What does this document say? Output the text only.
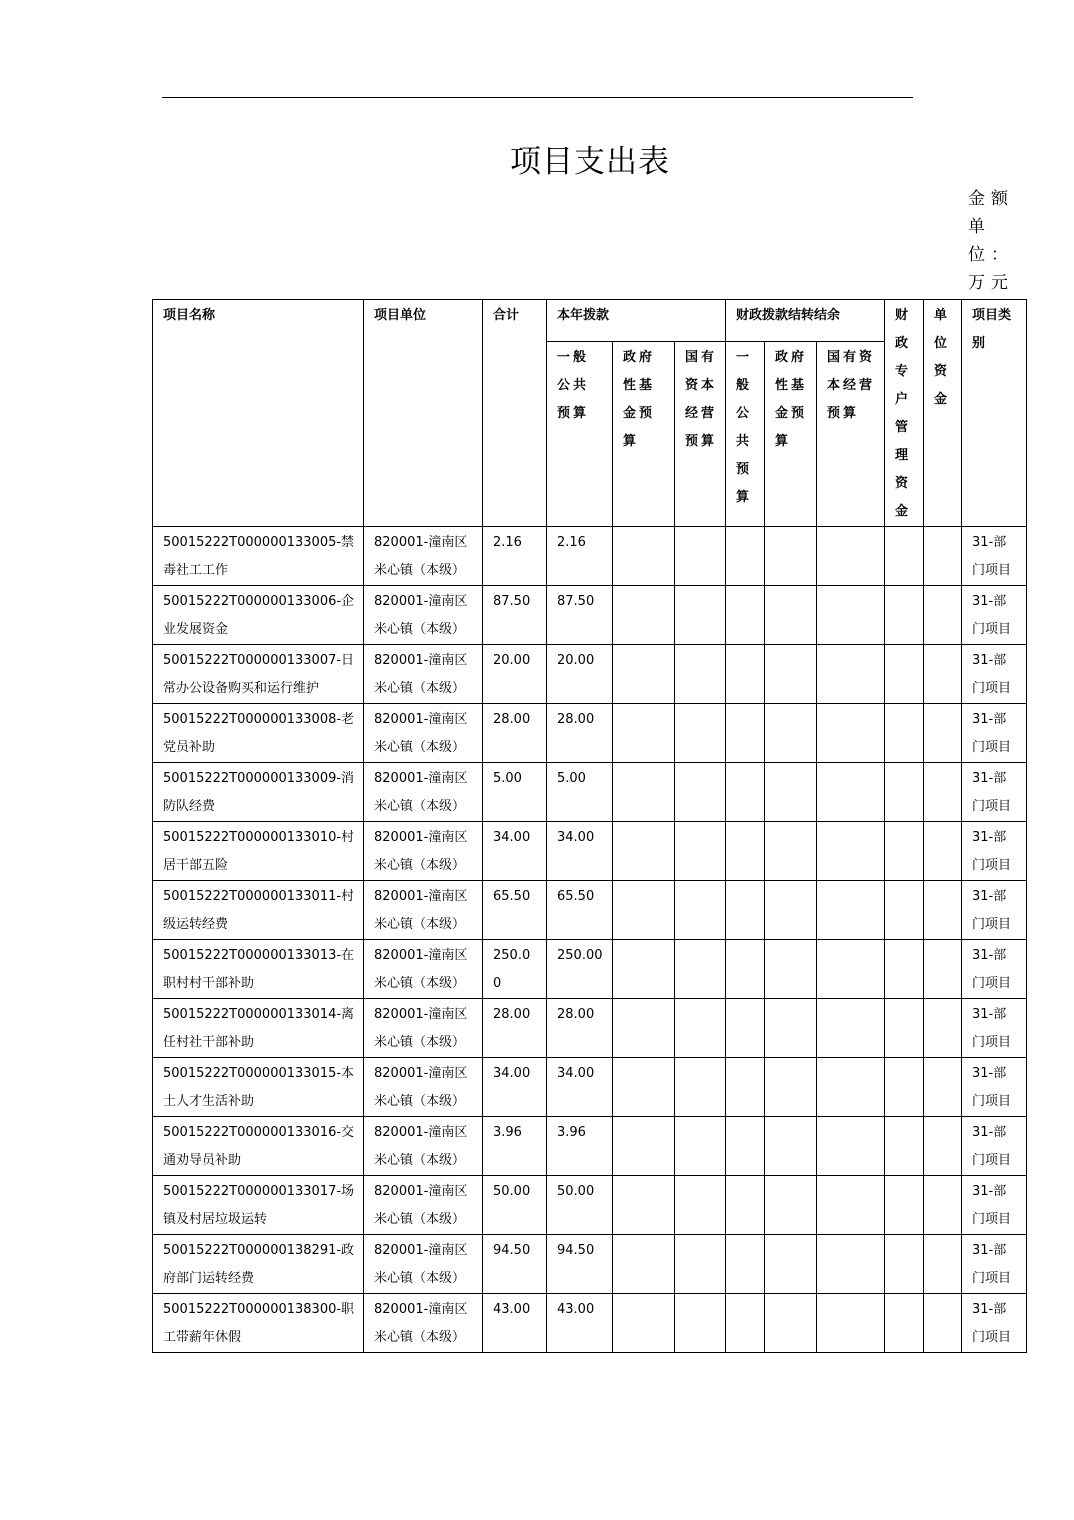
项目支出表
金额单位：万元
项目名称	项目单位	合计	本年拨款			财政拨款结转结余			财政专户管理资金	单位资金	项目类别
			一般公共预算	政府性基金预算	国有资本经营预算	一般公共预算	政府性基金预算	国有资本经营预算			
50015222T000000133005-禁毒社工工作	820001-潼南区米心镇（本级）	2.16	2.16								31-部门项目
50015222T000000133006-企业发展资金	820001-潼南区米心镇（本级）	87.50	87.50								31-部门项目
50015222T000000133007-日常办公设备购买和运行维护	820001-潼南区米心镇（本级）	20.00	20.00								31-部门项目
50015222T000000133008-老党员补助	820001-潼南区米心镇（本级）	28.00	28.00								31-部门项目
50015222T000000133009-消防队经费	820001-潼南区米心镇（本级）	5.00	5.00								31-部门项目
50015222T000000133010-村居干部五险	820001-潼南区米心镇（本级）	34.00	34.00								31-部门项目
50015222T000000133011-村级运转经费	820001-潼南区米心镇（本级）	65.50	65.50								31-部门项目
50015222T000000133013-在职村村干部补助	820001-潼南区米心镇（本级）	250.00	250.00								31-部门项目
50015222T000000133014-离任村社干部补助	820001-潼南区米心镇（本级）	28.00	28.00								31-部门项目
50015222T000000133015-本土人才生活补助	820001-潼南区米心镇（本级）	34.00	34.00								31-部门项目
50015222T000000133016-交通劝导员补助	820001-潼南区米心镇（本级）	3.96	3.96								31-部门项目
50015222T000000133017-场镇及村居垃圾运转	820001-潼南区米心镇（本级）	50.00	50.00								31-部门项目
50015222T000000138291-政府部门运转经费	820001-潼南区米心镇（本级）	94.50	94.50								31-部门项目
50015222T000000138300-职工带薪年休假	820001-潼南区米心镇（本级）	43.00	43.00								31-部门项目
